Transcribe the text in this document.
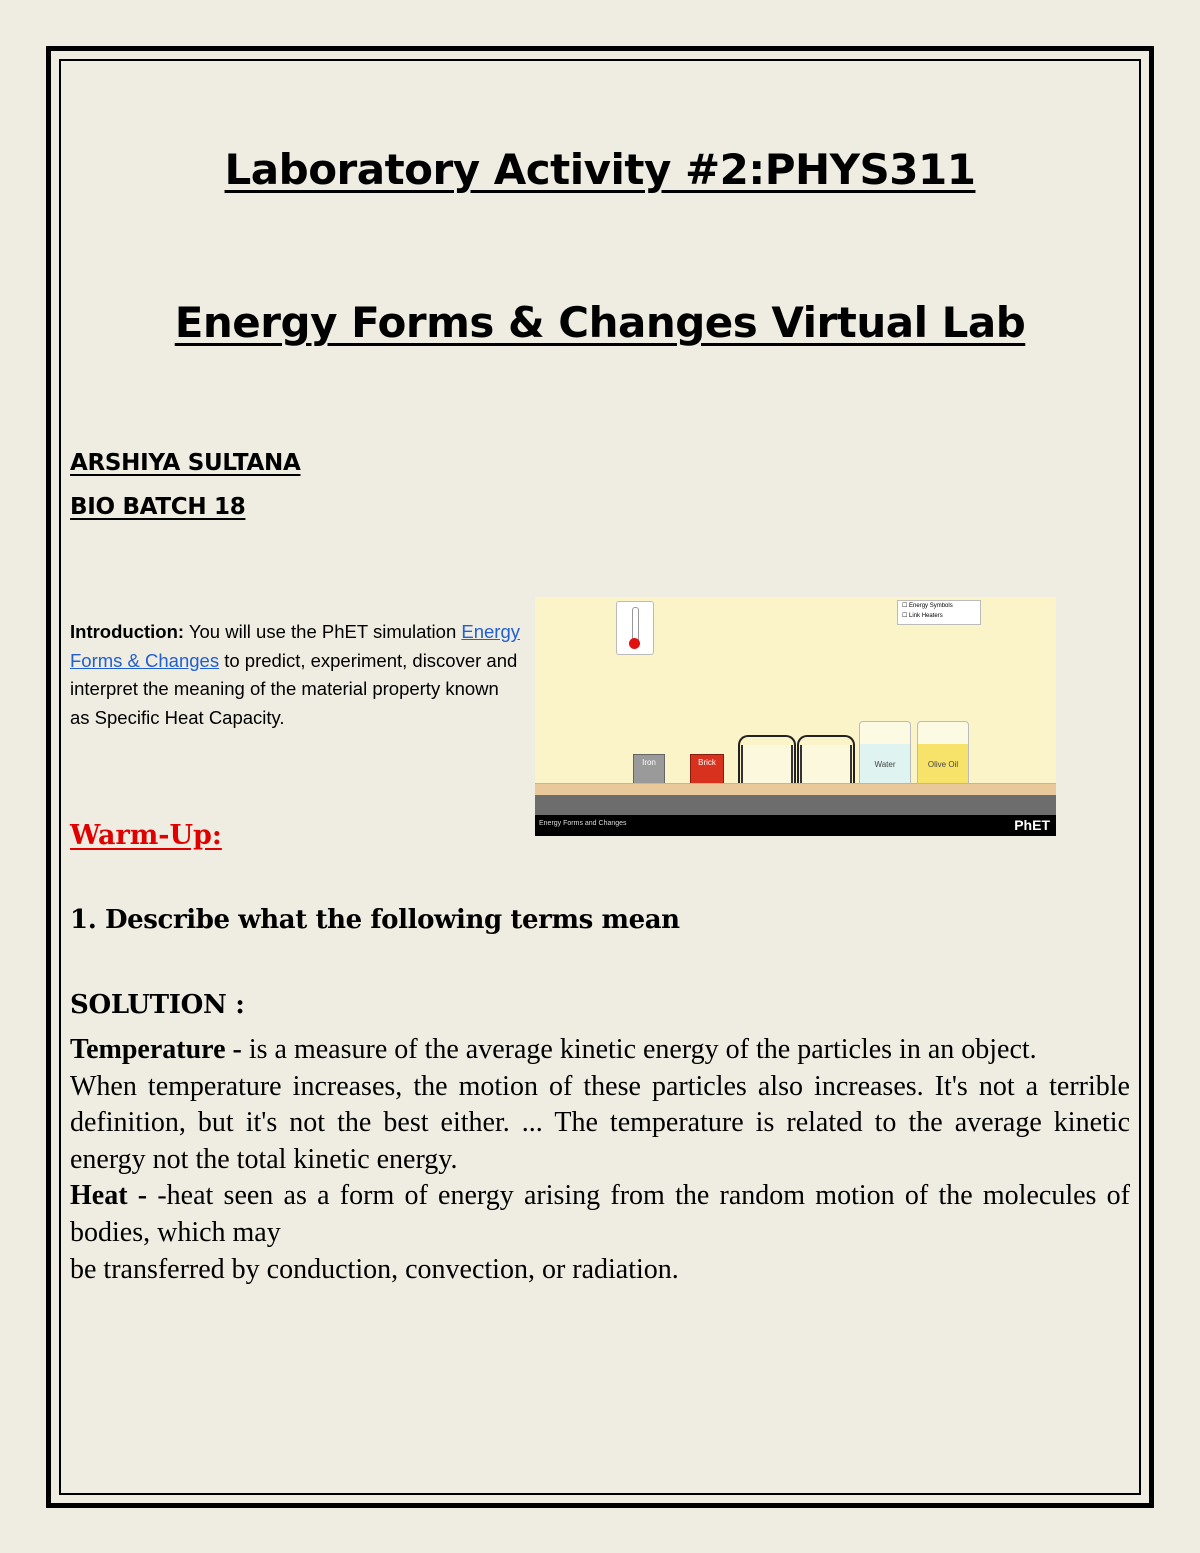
Laboratory Activity #2:PHYS311
Energy Forms & Changes Virtual Lab
ARSHIYA SULTANA
BIO BATCH 18
Introduction: You will use the PhET simulation Energy Forms & Changes to predict, experiment, discover and interpret the meaning of the material property known as Specific Heat Capacity.
☐ Energy Symbols
☐ Link Heaters
Iron	Brick	Water	Olive Oil
Energy Forms and Changes	PhET
Warm-Up:
1. Describe what the following terms mean
SOLUTION :

Temperature - is a measure of the average kinetic energy of the particles in an object.

When temperature increases, the motion of these particles also increases. It's not a terrible definition, but it's not the best either. ... The temperature is related to the average kinetic energy not the total kinetic energy.

Heat - -heat seen as a form of energy arising from the random motion of the molecules of bodies, which may

be transferred by conduction, convection, or radiation.
